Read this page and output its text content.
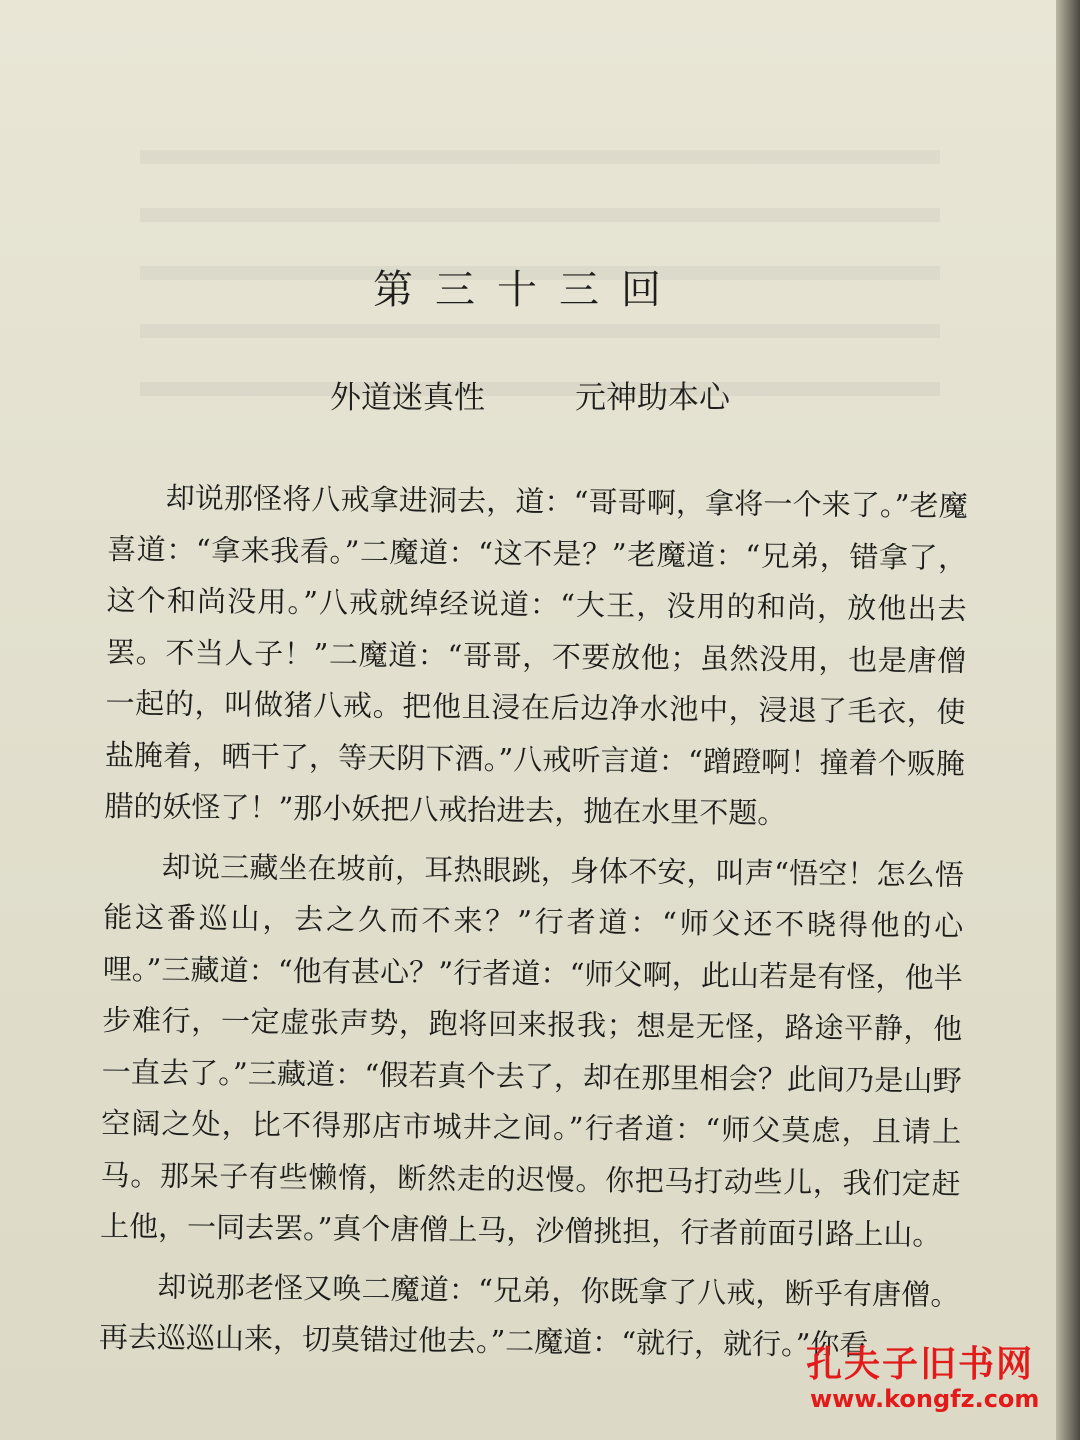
第三十三回
外道迷真性	元神助本心

却说那怪将八戒拿进洞去，道：“哥哥啊，拿将一个来了。”老魔喜道：“拿来我看。”二魔道：“这不是？”老魔道：“兄弟，错拿了，这个和尚没用。”八戒就绰经说道：“大王，没用的和尚，放他出去罢。不当人子！”二魔道：“哥哥，不要放他；虽然没用，也是唐僧一起的，叫做猪八戒。把他且浸在后边净水池中，浸退了毛衣，使盐腌着，晒干了，等天阴下酒。”八戒听言道：“蹭蹬啊！撞着个贩腌腊的妖怪了！”那小妖把八戒抬进去，抛在水里不题。

却说三藏坐在坡前，耳热眼跳，身体不安，叫声“悟空！怎么悟能这番巡山，去之久而不来？”行者道：“师父还不晓得他的心哩。”三藏道：“他有甚心？”行者道：“师父啊，此山若是有怪，他半步难行，一定虚张声势，跑将回来报我；想是无怪，路途平静，他一直去了。”三藏道：“假若真个去了，却在那里相会？此间乃是山野空阔之处，比不得那店市城井之间。”行者道：“师父莫虑，且请上马。那呆子有些懒惰，断然走的迟慢。你把马打动些儿，我们定赶上他，一同去罢。”真个唐僧上马，沙僧挑担，行者前面引路上山。

却说那老怪又唤二魔道：“兄弟，你既拿了八戒，断乎有唐僧。再去巡巡山来，切莫错过他去。”二魔道：“就行，就行。”你看

孔夫子旧书网
www.kongfz.com
